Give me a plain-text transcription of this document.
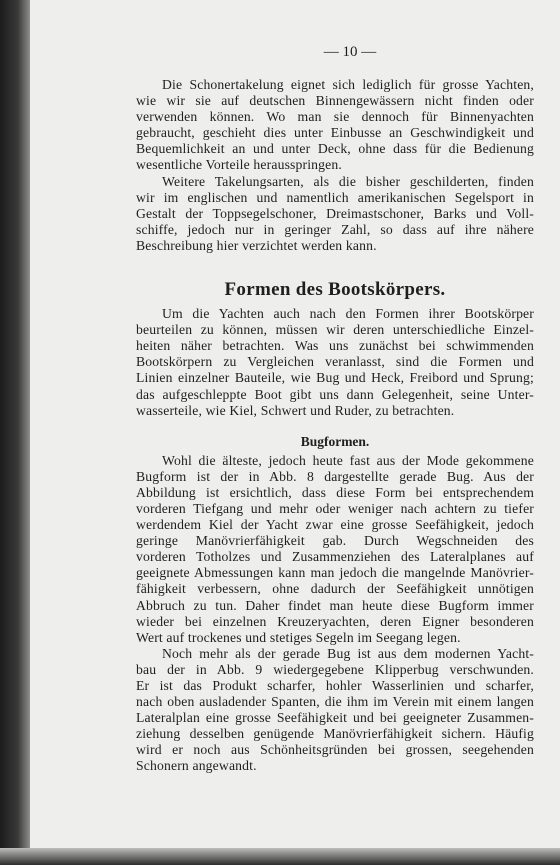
— 10 —
Die Schonertakelung eignet sich lediglich für grosse Yachten,
wie wir sie auf deutschen Binnengewässern nicht finden oder
verwenden können. Wo man sie dennoch für Binnenyachten
gebraucht, geschieht dies unter Einbusse an Geschwindigkeit und
Bequemlichkeit an und unter Deck, ohne dass für die Bedienung
wesentliche Vorteile herausspringen.
Weitere Takelungsarten, als die bisher geschilderten, finden
wir im englischen und namentlich amerikanischen Segelsport in
Gestalt der Toppsegelschoner, Dreimastschoner, Barks und Voll-
schiffe, jedoch nur in geringer Zahl, so dass auf ihre nähere
Beschreibung hier verzichtet werden kann.
Formen des Bootskörpers.
Um die Yachten auch nach den Formen ihrer Bootskörper
beurteilen zu können, müssen wir deren unterschiedliche Einzel-
heiten näher betrachten. Was uns zunächst bei schwimmenden
Bootskörpern zu Vergleichen veranlasst, sind die Formen und
Linien einzelner Bauteile, wie Bug und Heck, Freibord und Sprung;
das aufgeschleppte Boot gibt uns dann Gelegenheit, seine Unter-
wasserteile, wie Kiel, Schwert und Ruder, zu betrachten.
Bugformen.
Wohl die älteste, jedoch heute fast aus der Mode gekommene
Bugform ist der in Abb. 8 dargestellte gerade Bug. Aus der
Abbildung ist ersichtlich, dass diese Form bei entsprechendem
vorderen Tiefgang und mehr oder weniger nach achtern zu tiefer
werdendem Kiel der Yacht zwar eine grosse Seefähigkeit, jedoch
geringe Manövrierfähigkeit gab. Durch Wegschneiden des
vorderen Totholzes und Zusammenziehen des Lateralplanes auf
geeignete Abmessungen kann man jedoch die mangelnde Manövrier-
fähigkeit verbessern, ohne dadurch der Seefähigkeit unnötigen
Abbruch zu tun. Daher findet man heute diese Bugform immer
wieder bei einzelnen Kreuzeryachten, deren Eigner besonderen
Wert auf trockenes und stetiges Segeln im Seegang legen.
Noch mehr als der gerade Bug ist aus dem modernen Yacht-
bau der in Abb. 9 wiedergegebene Klipperbug verschwunden.
Er ist das Produkt scharfer, hohler Wasserlinien und scharfer,
nach oben ausladender Spanten, die ihm im Verein mit einem langen
Lateralplan eine grosse Seefähigkeit und bei geeigneter Zusammen-
ziehung desselben genügende Manövrierfähigkeit sichern. Häufig
wird er noch aus Schönheitsgründen bei grossen, seegehenden
Schonern angewandt.
